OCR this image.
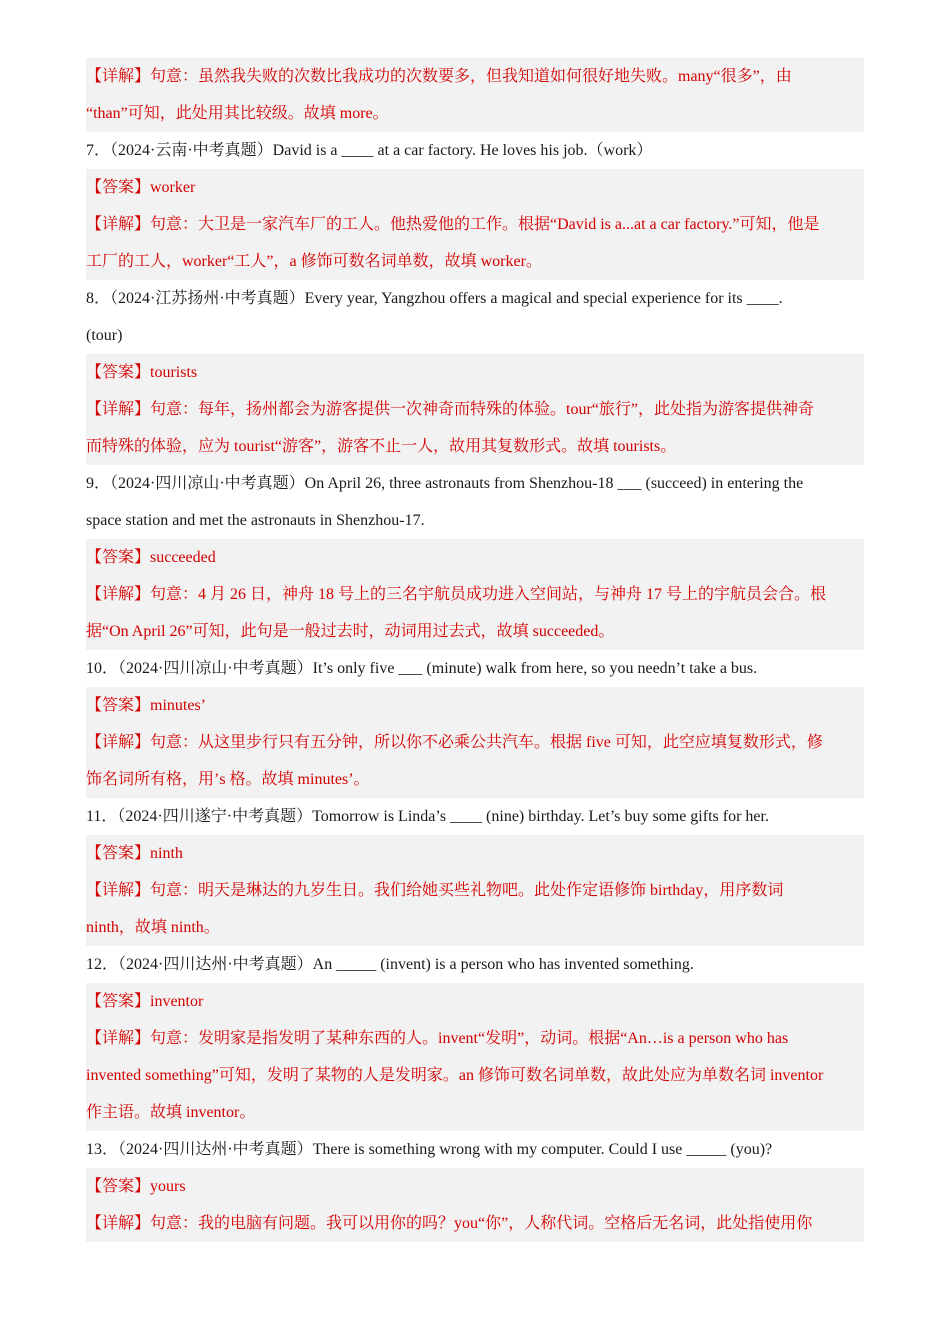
【详解】句意：虽然我失败的次数比我成功的次数要多，但我知道如何很好地失败。many“很多”，由
“than”可知，此处用其比较级。故填 more。
7．（2024·云南·中考真题）David is a ____ at a car factory. He loves his job.（work）
【答案】worker
【详解】句意：大卫是一家汽车厂的工人。他热爱他的工作。根据“David is a...at a car factory.”可知，他是
工厂的工人，worker“工人”，a 修饰可数名词单数，故填 worker。
8．（2024·江苏扬州·中考真题）Every year, Yangzhou offers a magical and special experience for its ____.
(tour)
【答案】tourists
【详解】句意：每年，扬州都会为游客提供一次神奇而特殊的体验。tour“旅行”，此处指为游客提供神奇
而特殊的体验，应为 tourist“游客”，游客不止一人，故用其复数形式。故填 tourists。
9．（2024·四川凉山·中考真题）On April 26, three astronauts from Shenzhou-18 ___ (succeed) in entering the
space station and met the astronauts in Shenzhou-17.
【答案】succeeded
【详解】句意：4 月 26 日，神舟 18 号上的三名宇航员成功进入空间站，与神舟 17 号上的宇航员会合。根
据“On April 26”可知，此句是一般过去时，动词用过去式，故填 succeeded。
10．（2024·四川凉山·中考真题）It’s only five ___ (minute) walk from here, so you needn’t take a bus.
【答案】minutes’
【详解】句意：从这里步行只有五分钟，所以你不必乘公共汽车。根据 five 可知，此空应填复数形式，修
饰名词所有格，用’s 格。故填 minutes’。
11．（2024·四川遂宁·中考真题）Tomorrow is Linda’s ____ (nine) birthday. Let’s buy some gifts for her.
【答案】ninth
【详解】句意：明天是琳达的九岁生日。我们给她买些礼物吧。此处作定语修饰 birthday，用序数词
ninth，故填 ninth。
12．（2024·四川达州·中考真题）An _____ (invent) is a person who has invented something.
【答案】inventor
【详解】句意：发明家是指发明了某种东西的人。invent“发明”，动词。根据“An…is a person who has
invented something”可知，发明了某物的人是发明家。an 修饰可数名词单数，故此处应为单数名词 inventor
作主语。故填 inventor。
13．（2024·四川达州·中考真题）There is something wrong with my computer. Could I use _____ (you)?
【答案】yours
【详解】句意：我的电脑有问题。我可以用你的吗？you“你”，人称代词。空格后无名词，此处指使用你
